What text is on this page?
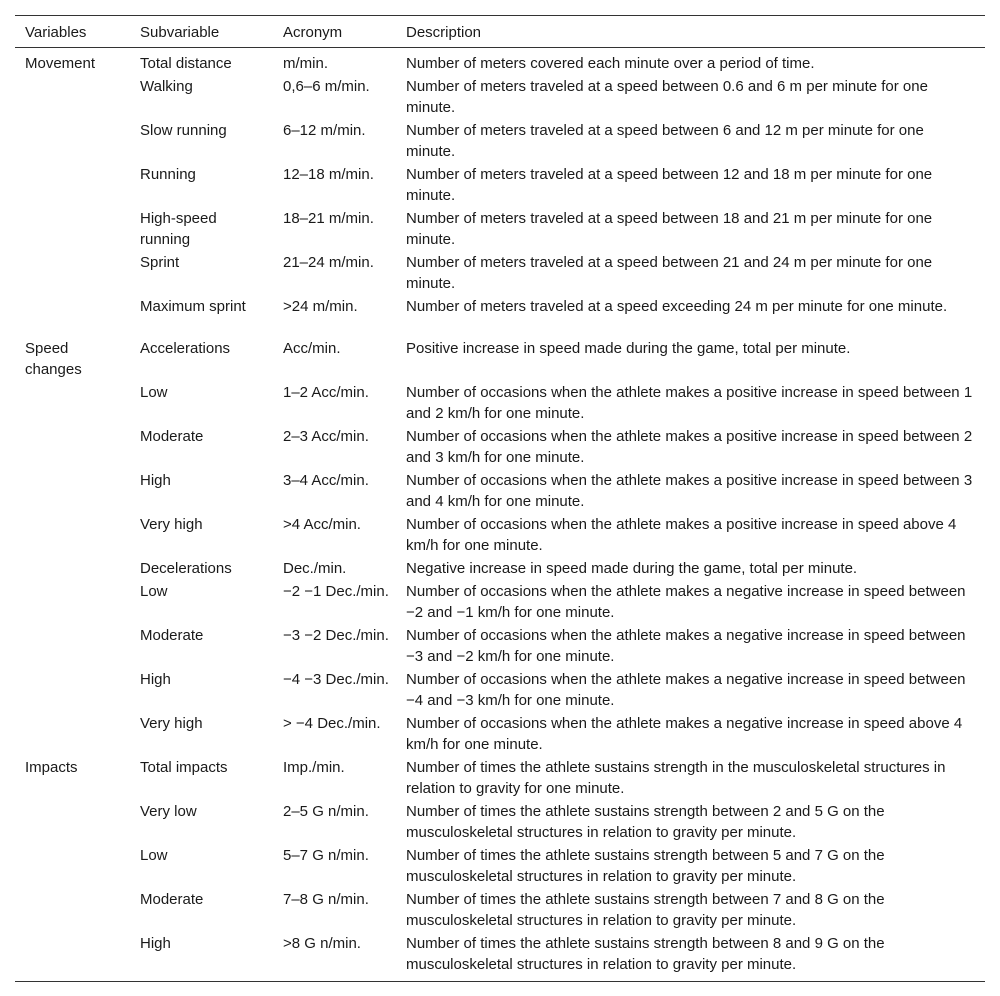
Variables	Subvariable	Acronym	Description
Movement	Total distance	m/min.	Number of meters covered each minute over a period of time.
	Walking	0,6–6 m/min.	Number of meters traveled at a speed between 0.6 and 6 m per minute for one minute.
	Slow running	6–12 m/min.	Number of meters traveled at a speed between 6 and 12 m per minute for one minute.
	Running	12–18 m/min.	Number of meters traveled at a speed between 12 and 18 m per minute for one minute.
	High-speed running	18–21 m/min.	Number of meters traveled at a speed between 18 and 21 m per minute for one minute.
	Sprint	21–24 m/min.	Number of meters traveled at a speed between 21 and 24 m per minute for one minute.
	Maximum sprint	>24 m/min.	Number of meters traveled at a speed exceeding 24 m per minute for one minute.
Speed changes	Accelerations	Acc/min.	Positive increase in speed made during the game, total per minute.
	Low	1–2 Acc/min.	Number of occasions when the athlete makes a positive increase in speed between 1 and 2 km/h for one minute.
	Moderate	2–3 Acc/min.	Number of occasions when the athlete makes a positive increase in speed between 2 and 3 km/h for one minute.
	High	3–4 Acc/min.	Number of occasions when the athlete makes a positive increase in speed between 3 and 4 km/h for one minute.
	Very high	>4 Acc/min.	Number of occasions when the athlete makes a positive increase in speed above 4 km/h for one minute.
	Decelerations	Dec./min.	Negative increase in speed made during the game, total per minute.
	Low	−2 −1 Dec./min.	Number of occasions when the athlete makes a negative increase in speed between −2 and −1 km/h for one minute.
	Moderate	−3 −2 Dec./min.	Number of occasions when the athlete makes a negative increase in speed between −3 and −2 km/h for one minute.
	High	−4 −3 Dec./min.	Number of occasions when the athlete makes a negative increase in speed between −4 and −3 km/h for one minute.
	Very high	> −4 Dec./min.	Number of occasions when the athlete makes a negative increase in speed above 4 km/h for one minute.
Impacts	Total impacts	Imp./min.	Number of times the athlete sustains strength in the musculoskeletal structures in relation to gravity for one minute.
	Very low	2–5 G n/min.	Number of times the athlete sustains strength between 2 and 5 G on the musculoskeletal structures in relation to gravity per minute.
	Low	5–7 G n/min.	Number of times the athlete sustains strength between 5 and 7 G on the musculoskeletal structures in relation to gravity per minute.
	Moderate	7–8 G n/min.	Number of times the athlete sustains strength between 7 and 8 G on the musculoskeletal structures in relation to gravity per minute.
	High	>8 G n/min.	Number of times the athlete sustains strength between 8 and 9 G on the musculoskeletal structures in relation to gravity per minute.
